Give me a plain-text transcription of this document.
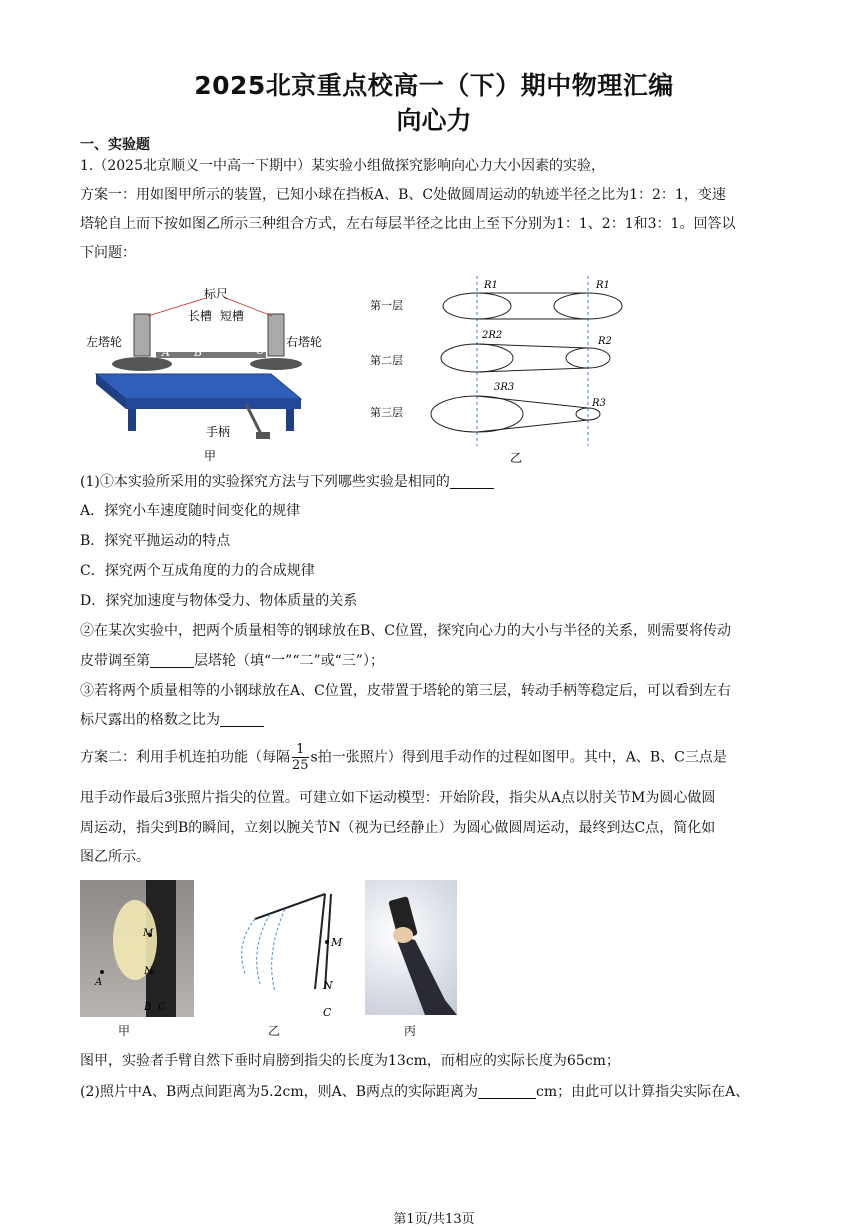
2025北京重点校高一（下）期中物理汇编
向心力
一、实验题
1.（2025北京顺义一中高一下期中）某实验小组做探究影响向心力大小因素的实验，
方案一：用如图甲所示的装置，已知小球在挡板A、B、C处做圆周运动的轨迹半径之比为1：2：1，变速
塔轮自上而下按如图乙所示三种组合方式，左右每层半径之比由上至下分别为1：1、2：1和3：1。回答以
下问题：
标尺
长槽 短槽
左塔轮	右塔轮
A B	C
手柄
甲
第一层
第二层
第三层
R1	R1
2R2
R2
3R3
R3
乙
(1)①本实验所采用的实验探究方法与下列哪些实验是相同的
A．探究小车速度随时间变化的规律
B．探究平抛运动的特点
C．探究两个互成角度的力的合成规律
D．探究加速度与物体受力、物体质量的关系
②在某次实验中，把两个质量相等的钢球放在B、C位置，探究向心力的大小与半径的关系，则需要将传动
皮带调至第	层塔轮（填“一”“二”或“三”）；
③若将两个质量相等的小钢球放在A、C位置，皮带置于塔轮的第三层，转动手柄等稳定后，可以看到左右
标尺露出的格数之比为
方案二：利用手机连拍功能（每隔 $\frac{1}{25}$ s拍一张照片）得到甩手动作的过程如图甲。其中，A、B、C三点是
甩手动作最后3张照片指尖的位置。可建立如下运动模型：开始阶段，指尖从A点以肘关节M为圆心做圆
周运动，指尖到B的瞬间，立刻以腕关节N（视为已经静止）为圆心做圆周运动，最终到达C点，简化如
图乙所示。
M
N
A
B C
甲
M
N
C
乙	丙
图甲，实验者手臂自然下垂时肩膀到指尖的长度为13cm，而相应的实际长度为65cm；
(2)照片中A、B两点间距离为5.2cm，则A、B两点的实际距离为	cm；由此可以计算指尖实际在A、
第1页/共13页
